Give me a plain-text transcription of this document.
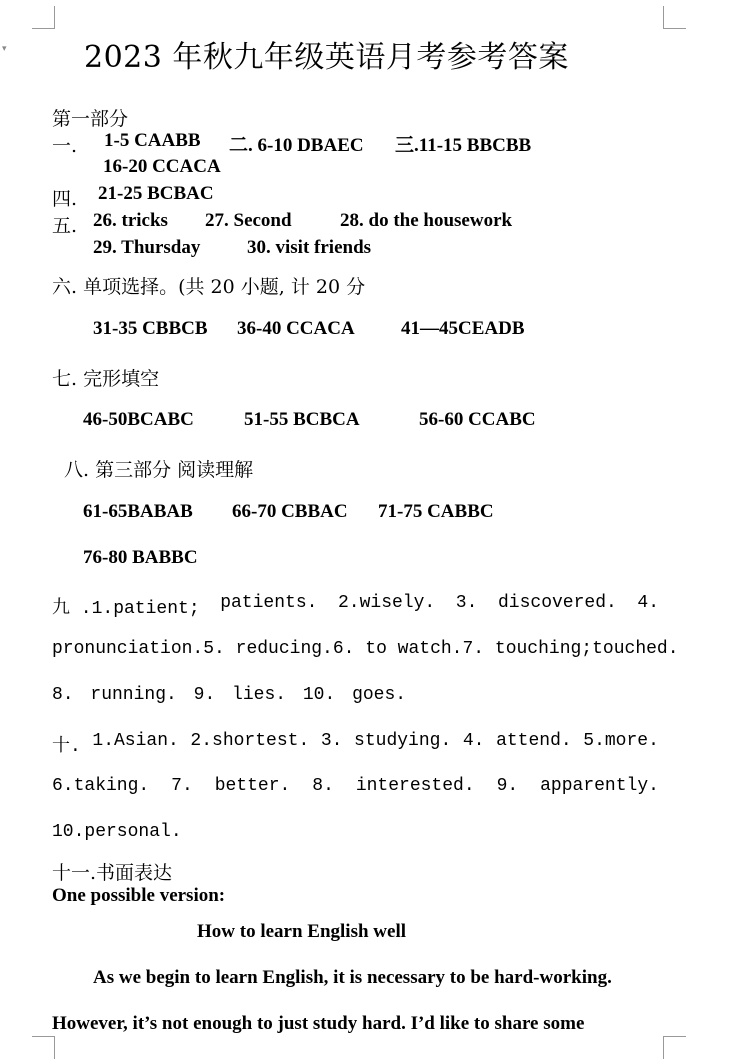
▾	2023 年秋九年级英语月考参考答案
第一部分
一. 1-5 CAABB 二. 6-10 DBAEC 三.11-15 BBCBB
16-20 CCACA
四. 21-25 BCBAC
五. 26. tricks 27. Second	28. do the housework
29. Thursday 30. visit friends
六. 单项选择。(共 20 小题, 计 20 分
31-35 CBBCB 36-40 CCACA 41—45CEADB
七. 完形填空
46-50BCABC	51-55 BCBCA	56-60 CCABC
八. 第三部分 阅读理解
61-65BABAB 66-70 CBBAC 71-75 CABBC
76-80 BABBC
九 .1.patient; patients. 2.wisely. 3. discovered. 4.
pronunciation. 5. reducing. 6. to watch. 7. touching;touched.
8. running. 9. lies. 10. goes.
十. 1.Asian. 2.shortest. 3. studying. 4. attend. 5.more.
6.taking. 7. better. 8. interested. 9. apparently.
10.personal.
十一.书面表达
One possible version:
How to learn English well
As we begin to learn English, it is necessary to be hard-working.
However, it’s not enough to just study hard. I’d like to share some
